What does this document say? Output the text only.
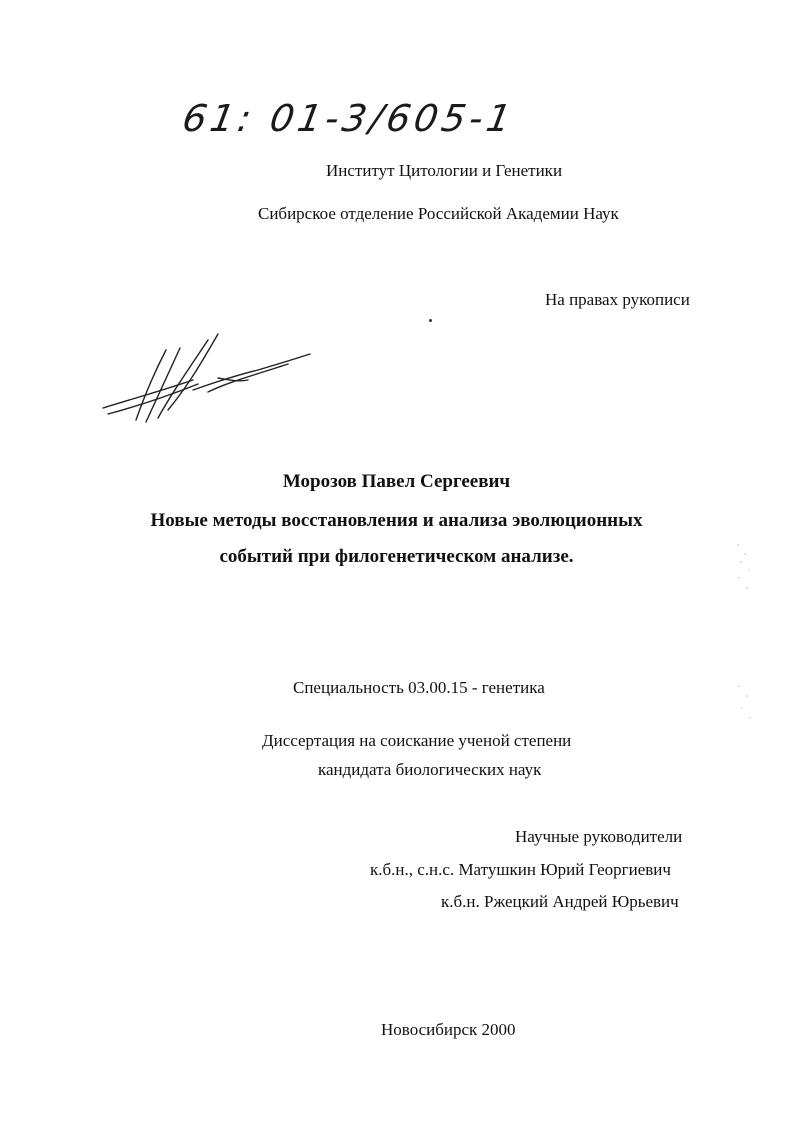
61: 01-3/605-1
Институт Цитологии и Генетики
Сибирское отделение Российской Академии Наук
На правах рукописи
Морозов Павел Сергеевич
Новые методы восстановления и анализа эволюционных
событий при филогенетическом анализе.
Специальность 03.00.15 - генетика
Диссертация на соискание ученой степени
кандидата биологических наук
Научные руководители
к.б.н., с.н.с. Матушкин Юрий Георгиевич
к.б.н. Ржецкий Андрей Юрьевич
Новосибирск 2000
